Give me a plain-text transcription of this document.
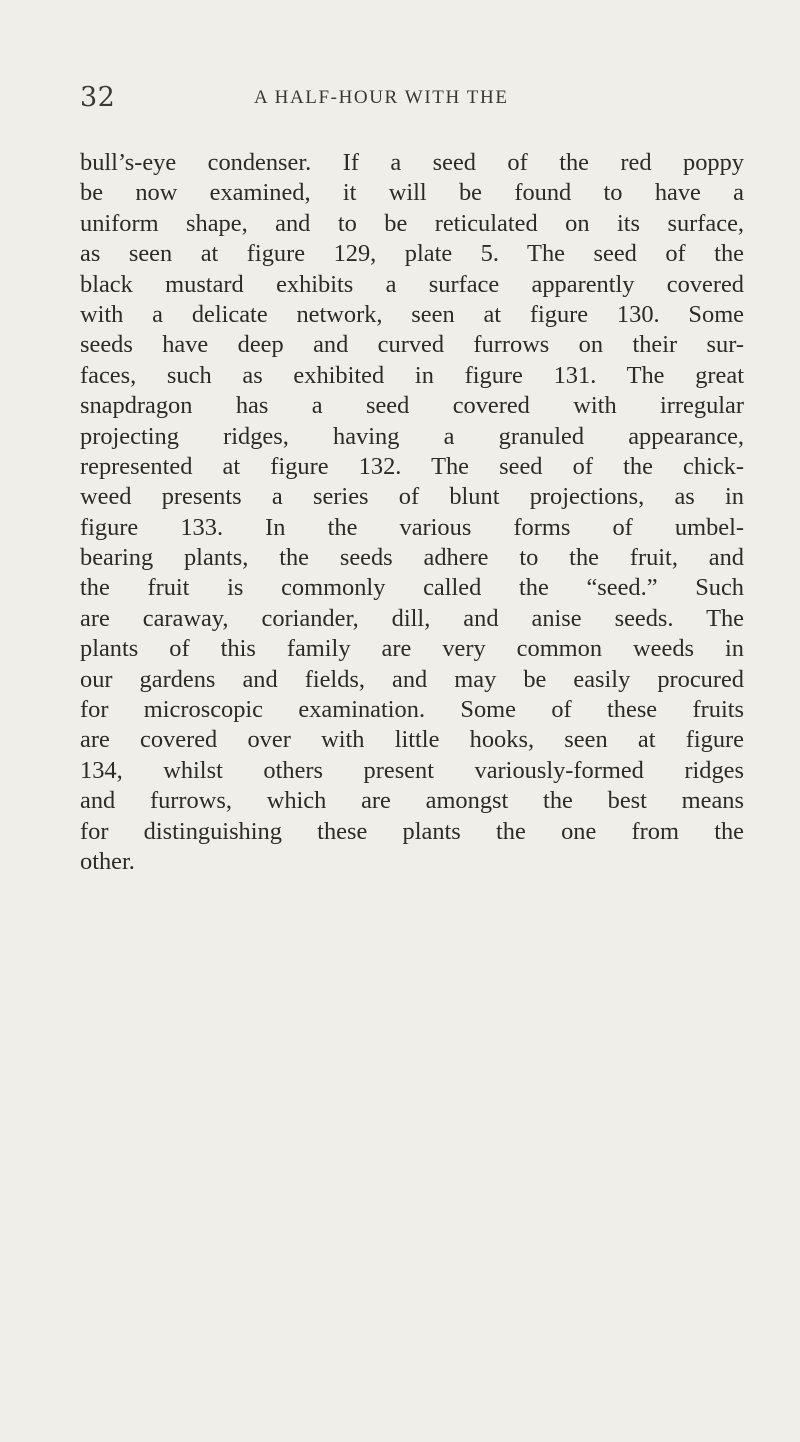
32	A HALF-HOUR WITH THE
bull’s-eye condenser. If a seed of the red poppy
be now examined, it will be found to have a
uniform shape, and to be reticulated on its surface,
as seen at figure 129, plate 5. The seed of the
black mustard exhibits a surface apparently covered
with a delicate network, seen at figure 130. Some
seeds have deep and curved furrows on their sur-
faces, such as exhibited in figure 131. The great
snapdragon has a seed covered with irregular
projecting ridges, having a granuled appearance,
represented at figure 132. The seed of the chick-
weed presents a series of blunt projections, as in
figure 133. In the various forms of umbel-
bearing plants, the seeds adhere to the fruit, and
the fruit is commonly called the “seed.” Such
are caraway, coriander, dill, and anise seeds. The
plants of this family are very common weeds in
our gardens and fields, and may be easily procured
for microscopic examination. Some of these fruits
are covered over with little hooks, seen at figure
134, whilst others present variously-formed ridges
and furrows, which are amongst the best means
for distinguishing these plants the one from the
other.
